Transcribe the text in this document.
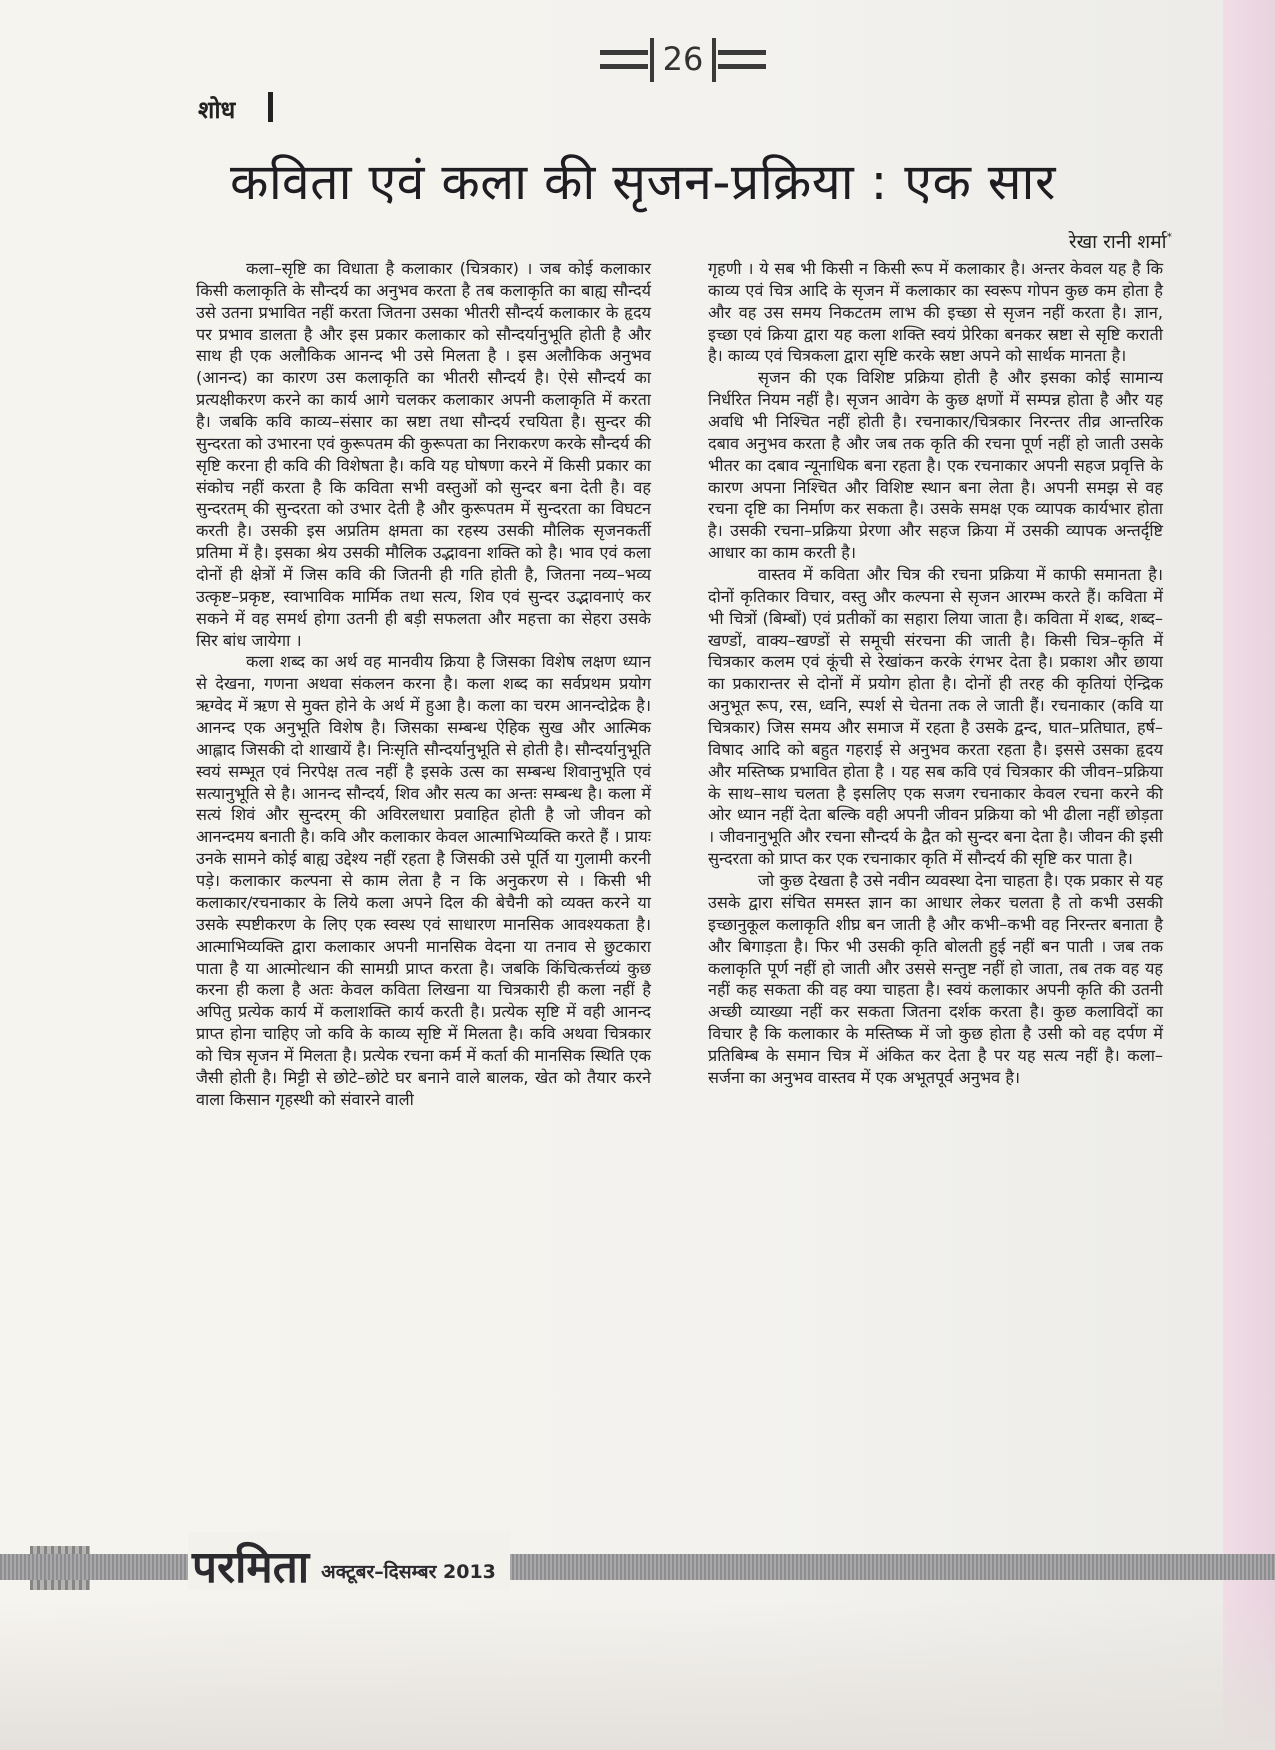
26
शोध
कविता एवं कला की सृजन-प्रक्रिया : एक सार
रेखा रानी शर्मा*

कला–सृष्टि का विधाता है कलाकार (चित्रकार) । जब कोई कलाकार किसी कलाकृति के सौन्दर्य का अनुभव करता है तब कलाकृति का बाह्य सौन्दर्य उसे उतना प्रभावित नहीं करता जितना उसका भीतरी सौन्दर्य कलाकार के हृदय पर प्रभाव डालता है और इस प्रकार कलाकार को सौन्दर्यानुभूति होती है और साथ ही एक अलौकिक आनन्द भी उसे मिलता है । इस अलौकिक अनुभव (आनन्द) का कारण उस कलाकृति का भीतरी सौन्दर्य है। ऐसे सौन्दर्य का प्रत्यक्षीकरण करने का कार्य आगे चलकर कलाकार अपनी कलाकृति में करता है। जबकि कवि काव्य–संसार का स्रष्टा तथा सौन्दर्य रचयिता है। सुन्दर की सुन्दरता को उभारना एवं कुरूपतम की कुरूपता का निराकरण करके सौन्दर्य की सृष्टि करना ही कवि की विशेषता है। कवि यह घोषणा करने में किसी प्रकार का संकोच नहीं करता है कि कविता सभी वस्तुओं को सुन्दर बना देती है। वह सुन्दरतम् की सुन्दरता को उभार देती है और कुरूपतम में सुन्दरता का विघटन करती है। उसकी इस अप्रतिम क्षमता का रहस्य उसकी मौलिक सृजनकर्ती प्रतिमा में है। इसका श्रेय उसकी मौलिक उद्भावना शक्ति को है। भाव एवं कला दोनों ही क्षेत्रों में जिस कवि की जितनी ही गति होती है, जितना नव्य–भव्य उत्कृष्ट–प्रकृष्ट, स्वाभाविक मार्मिक तथा सत्य, शिव एवं सुन्दर उद्भावनाएं कर सकने में वह समर्थ होगा उतनी ही बड़ी सफलता और महत्ता का सेहरा उसके सिर बांध जायेगा ।

कला शब्द का अर्थ वह मानवीय क्रिया है जिसका विशेष लक्षण ध्यान से देखना, गणना अथवा संकलन करना है। कला शब्द का सर्वप्रथम प्रयोग ऋग्वेद में ऋण से मुक्त होने के अर्थ में हुआ है। कला का चरम आनन्दोद्रेक है। आनन्द एक अनुभूति विशेष है। जिसका सम्बन्ध ऐहिक सुख और आत्मिक आह्लाद जिसकी दो शाखायें है। निःसृति सौन्दर्यानुभूति से होती है। सौन्दर्यानुभूति स्वयं सम्भूत एवं निरपेक्ष तत्व नहीं है इसके उत्स का सम्बन्ध शिवानुभूति एवं सत्यानुभूति से है। आनन्द सौन्दर्य, शिव और सत्य का अन्तः सम्बन्ध है। कला में सत्यं शिवं और सुन्दरम् की अविरलधारा प्रवाहित होती है जो जीवन को आनन्दमय बनाती है। कवि और कलाकार केवल आत्माभिव्यक्ति करते हैं । प्रायः उनके सामने कोई बाह्य उद्देश्य नहीं रहता है जिसकी उसे पूर्ति या गुलामी करनी पड़े। कलाकार कल्पना से काम लेता है न कि अनुकरण से । किसी भी कलाकार/रचनाकार के लिये कला अपने दिल की बेचैनी को व्यक्त करने या उसके स्पष्टीकरण के लिए एक स्वस्थ एवं साधारण मानसिक आवश्यकता है। आत्माभिव्यक्ति द्वारा कलाकार अपनी मानसिक वेदना या तनाव से छुटकारा पाता है या आत्मोत्थान की सामग्री प्राप्त करता है। जबकि किंचित्कर्त्तव्यं कुछ करना ही कला है अतः केवल कविता लिखना या चित्रकारी ही कला नहीं है अपितु प्रत्येक कार्य में कलाशक्ति कार्य करती है। प्रत्येक सृष्टि में वही आनन्द प्राप्त होना चाहिए जो कवि के काव्य सृष्टि में मिलता है। कवि अथवा चित्रकार को चित्र सृजन में मिलता है। प्रत्येक रचना कर्म में कर्ता की मानसिक स्थिति एक जैसी होती है। मिट्टी से छोटे–छोटे घर बनाने वाले बालक, खेत को तैयार करने वाला किसान गृहस्थी को संवारने वाली

गृहणी । ये सब भी किसी न किसी रूप में कलाकार है। अन्तर केवल यह है कि काव्य एवं चित्र आदि के सृजन में कलाकार का स्वरूप गोपन कुछ कम होता है और वह उस समय निकटतम लाभ की इच्छा से सृजन नहीं करता है। ज्ञान, इच्छा एवं क्रिया द्वारा यह कला शक्ति स्वयं प्रेरिका बनकर स्रष्टा से सृष्टि कराती है। काव्य एवं चित्रकला द्वारा सृष्टि करके स्रष्टा अपने को सार्थक मानता है।

सृजन की एक विशिष्ट प्रक्रिया होती है और इसका कोई सामान्य निर्धरित नियम नहीं है। सृजन आवेग के कुछ क्षणों में सम्पन्न होता है और यह अवधि भी निश्चित नहीं होती है। रचनाकार/चित्रकार निरन्तर तीव्र आन्तरिक दबाव अनुभव करता है और जब तक कृति की रचना पूर्ण नहीं हो जाती उसके भीतर का दबाव न्यूनाधिक बना रहता है। एक रचनाकार अपनी सहज प्रवृत्ति के कारण अपना निश्चित और विशिष्ट स्थान बना लेता है। अपनी समझ से वह रचना दृष्टि का निर्माण कर सकता है। उसके समक्ष एक व्यापक कार्यभार होता है। उसकी रचना–प्रक्रिया प्रेरणा और सहज क्रिया में उसकी व्यापक अन्तर्दृष्टि आधार का काम करती है।

वास्तव में कविता और चित्र की रचना प्रक्रिया में काफी समानता है। दोनों कृतिकार विचार, वस्तु और कल्पना से सृजन आरम्भ करते हैं। कविता में भी चित्रों (बिम्बों) एवं प्रतीकों का सहारा लिया जाता है। कविता में शब्द, शब्द–खण्डों, वाक्य–खण्डों से समूची संरचना की जाती है। किसी चित्र–कृति में चित्रकार कलम एवं कूंची से रेखांकन करके रंगभर देता है। प्रकाश और छाया का प्रकारान्तर से दोनों में प्रयोग होता है। दोनों ही तरह की कृतियां ऐन्द्रिक अनुभूत रूप, रस, ध्वनि, स्पर्श से चेतना तक ले जाती हैं। रचनाकार (कवि या चित्रकार) जिस समय और समाज में रहता है उसके द्वन्द, घात–प्रतिघात, हर्ष–विषाद आदि को बहुत गहराई से अनुभव करता रहता है। इससे उसका हृदय और मस्तिष्क प्रभावित होता है । यह सब कवि एवं चित्रकार की जीवन–प्रक्रिया के साथ–साथ चलता है इसलिए एक सजग रचनाकार केवल रचना करने की ओर ध्यान नहीं देता बल्कि वही अपनी जीवन प्रक्रिया को भी ढीला नहीं छोड़ता । जीवनानुभूति और रचना सौन्दर्य के द्वैत को सुन्दर बना देता है। जीवन की इसी सुन्दरता को प्राप्त कर एक रचनाकार कृति में सौन्दर्य की सृष्टि कर पाता है।

जो कुछ देखता है उसे नवीन व्यवस्था देना चाहता है। एक प्रकार से यह उसके द्वारा संचित समस्त ज्ञान का आधार लेकर चलता है तो कभी उसकी इच्छानुकूल कलाकृति शीघ्र बन जाती है और कभी–कभी वह निरन्तर बनाता है और बिगाड़ता है। फिर भी उसकी कृति बोलती हुई नहीं बन पाती । जब तक कलाकृति पूर्ण नहीं हो जाती और उससे सन्तुष्ट नहीं हो जाता, तब तक वह यह नहीं कह सकता की वह क्या चाहता है। स्वयं कलाकार अपनी कृति की उतनी अच्छी व्याख्या नहीं कर सकता जितना दर्शक करता है। कुछ कलाविदों का विचार है कि कलाकार के मस्तिष्क में जो कुछ होता है उसी को वह दर्पण में प्रतिबिम्ब के समान चित्र में अंकित कर देता है पर यह सत्य नहीं है। कला–सर्जना का अनुभव वास्तव में एक अभूतपूर्व अनुभव है।

परमिता अक्टूबर–दिसम्बर 2013
